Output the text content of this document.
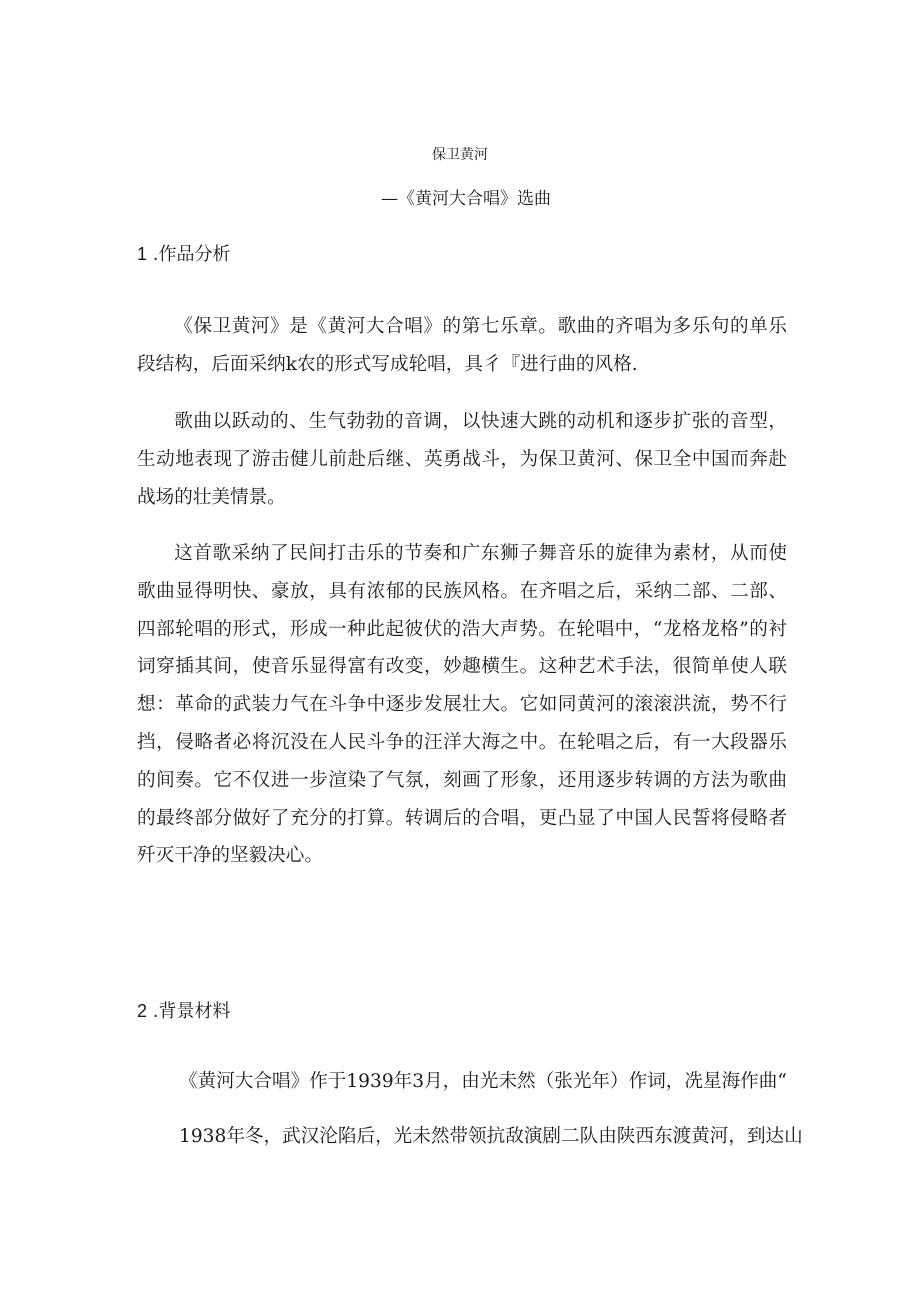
保卫黄河
—《黄河大合唱》选曲
1 .作品分析

《保卫黄河》是《黄河大合唱》的第七乐章。歌曲的齐唱为多乐句的单乐段结构，后面采纳k农的形式写成轮唱，具彳『进行曲的风格.

歌曲以跃动的、生气勃勃的音调，以快速大跳的动机和逐步扩张的音型，生动地表现了游击健儿前赴后继、英勇战斗，为保卫黄河、保卫全中国而奔赴战场的壮美情景。

这首歌采纳了民间打击乐的节奏和广东狮子舞音乐的旋律为素材，从而使歌曲显得明快、豪放，具有浓郁的民族风格。在齐唱之后，采纳二部、二部、四部轮唱的形式，形成一种此起彼伏的浩大声势。在轮唱中，“龙格龙格”的衬词穿插其间，使音乐显得富有改变，妙趣横生。这种艺术手法，很简单使人联想：革命的武装力气在斗争中逐步发展壮大。它如同黄河的滚滚洪流，势不行挡，侵略者必将沉没在人民斗争的汪洋大海之中。在轮唱之后，有一大段器乐的间奏。它不仅进一步渲染了气氛，刻画了形象，还用逐步转调的方法为歌曲的最终部分做好了充分的打算。转调后的合唱，更凸显了中国人民誓将侵略者歼灭干净的坚毅决心。

2 .背景材料
《黄河大合唱》作于1939年3月，由光未然（张光年）作词，冼星海作曲“
1938年冬，武汉沦陷后，光未然带领抗敌演剧二队由陕西东渡黄河，到达山
